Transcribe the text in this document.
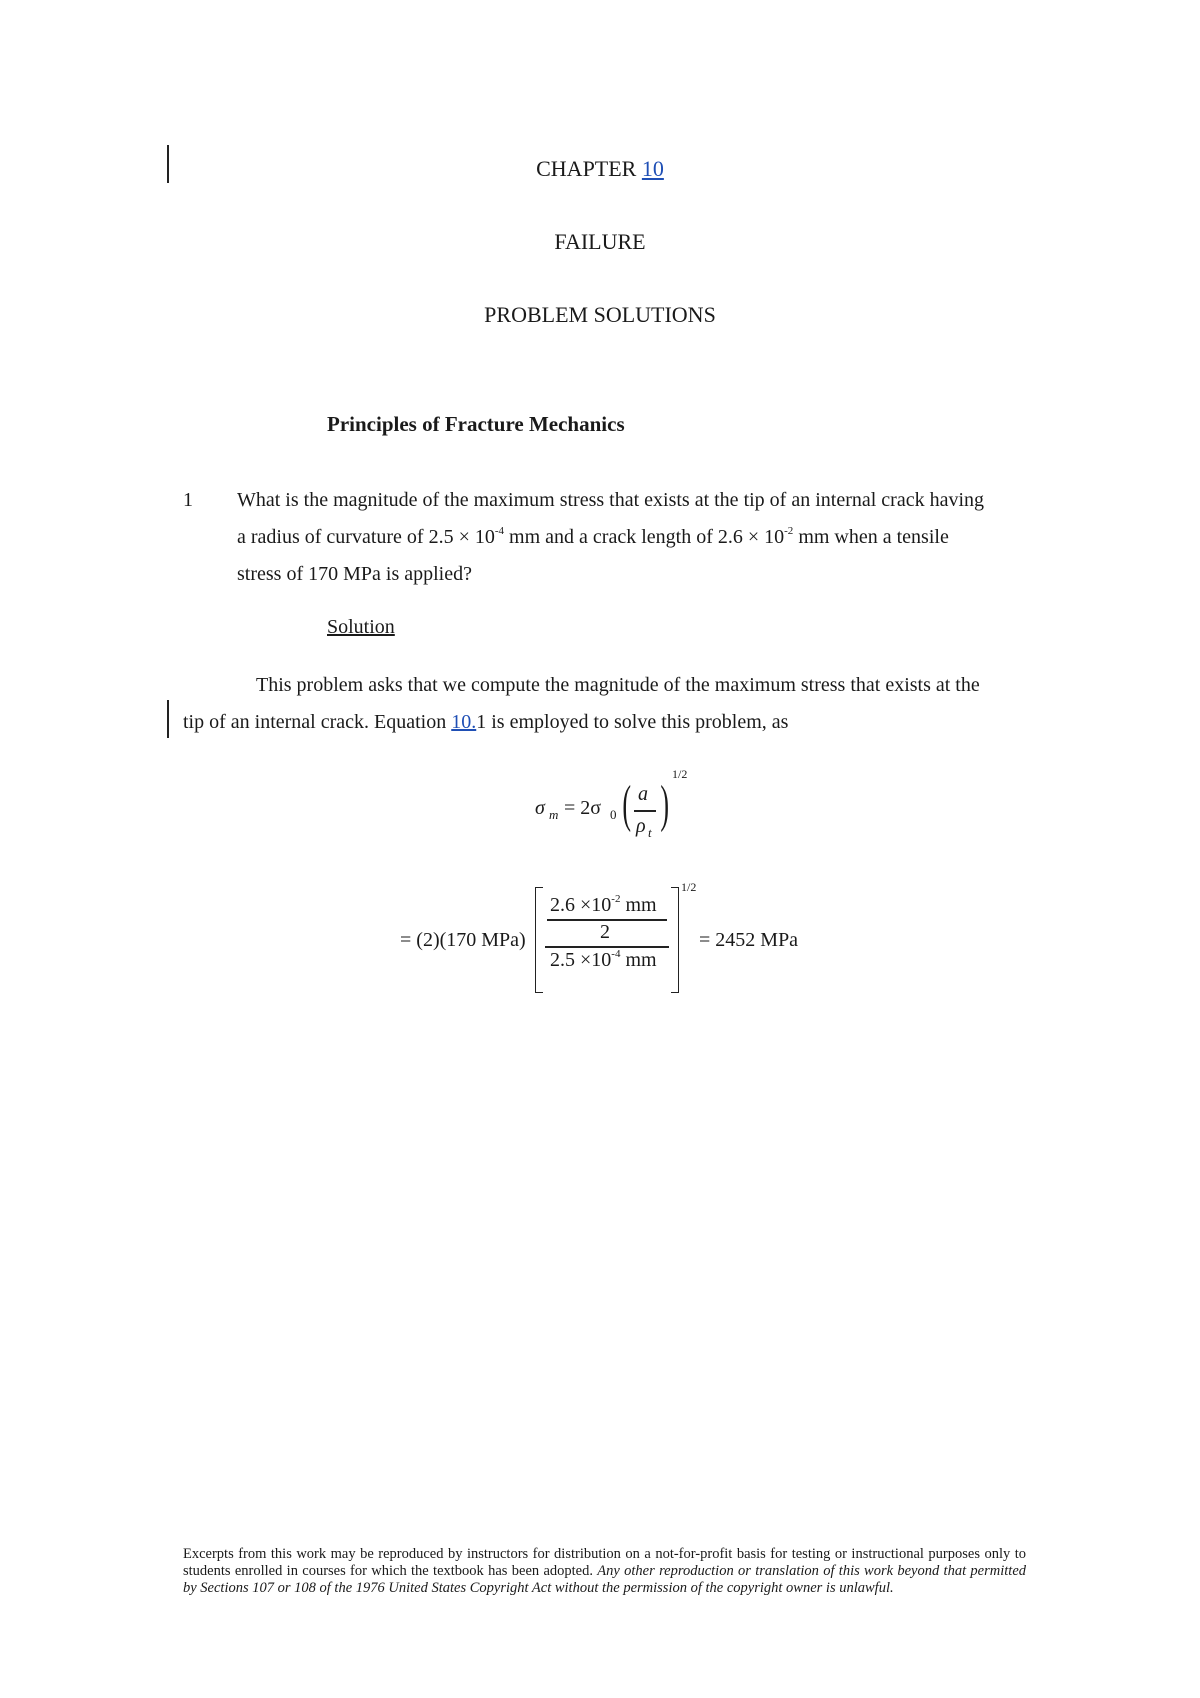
CHAPTER 10
FAILURE
PROBLEM SOLUTIONS
Principles of Fracture Mechanics
1 What is the magnitude of the maximum stress that exists at the tip of an internal crack having
a radius of curvature of $2.5 \times 10^{-4}$ mm and a crack length of $2.6 \times 10^{-2}$ mm when a tensile
stress of 170 MPa is applied?
Solution
This problem asks that we compute the magnitude of the maximum stress that exists at the
tip of an internal crack. Equation 10.1 is employed to solve this problem, as
σ m = 2σ 0 ( a
ρ t )
1/2
= (2)(170 MPa)
$2.6 \times 10^{-2}$ mm
2
$2.5 \times 10^{-4}$ mm
1/2
= 2452 MPa
Excerpts from this work may be reproduced by instructors for distribution on a not-for-profit basis for testing or instructional purposes only to students enrolled in courses for which the textbook has been adopted. Any other reproduction or translation of this work beyond that permitted by Sections 107 or 108 of the 1976 United States Copyright Act without the permission of the copyright owner is unlawful.
